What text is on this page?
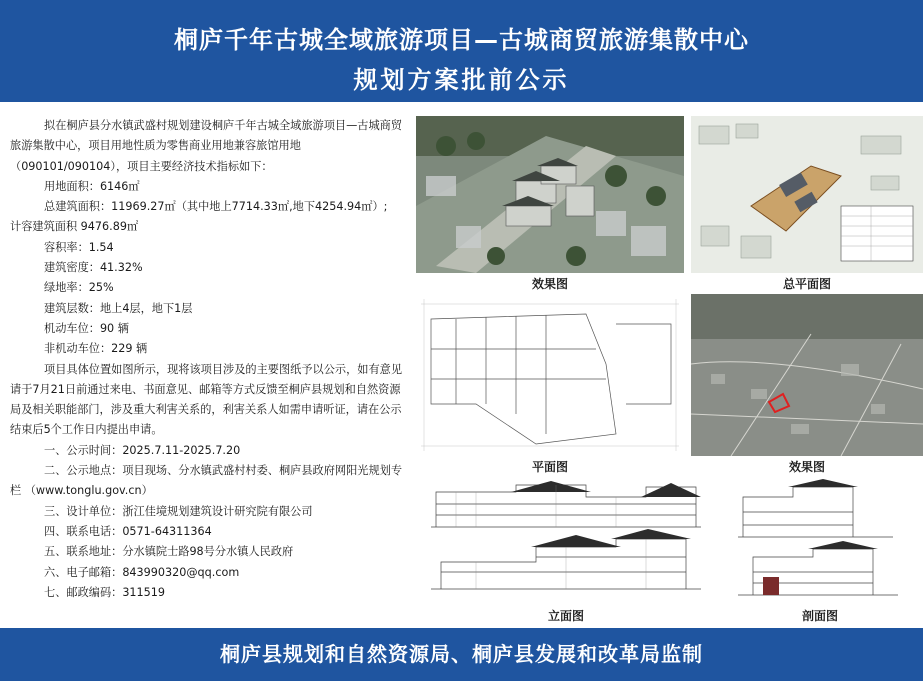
桐庐千年古城全域旅游项目—古城商贸旅游集散中心
规划方案批前公示

拟在桐庐县分水镇武盛村规划建设桐庐千年古城全域旅游项目—古城商贸旅游集散中心，项目用地性质为零售商业用地兼容旅馆用地（090101/090104），项目主要经济技术指标如下：

用地面积：6146㎡

总建筑面积：11969.27㎡（其中地上7714.33㎡,地下4254.94㎡）;

计容建筑面积 9476.89㎡

容积率：1.54

建筑密度：41.32%

绿地率：25%

建筑层数：地上4层，地下1层

机动车位：90 辆

非机动车位：229 辆

项目具体位置如图所示，现将该项目涉及的主要图纸予以公示，如有意见请于7月21日前通过来电、书面意见、邮箱等方式反馈至桐庐县规划和自然资源局及相关职能部门，涉及重大利害关系的，利害关系人如需申请听证，请在公示结束后5个工作日内提出申请。

一、公示时间：2025.7.11-2025.7.20

二、公示地点：项目现场、分水镇武盛村村委、桐庐县政府网阳光规划专栏 （www.tonglu.gov.cn）

三、设计单位：浙江佳境规划建筑设计研究院有限公司

四、联系电话：0571-64311364

五、联系地址：分水镇院士路98号分水镇人民政府

六、电子邮箱：843990320@qq.com

七、邮政编码：311519

效果图	总平面图
平面图	效果图
立面图	剖面图
桐庐县规划和自然资源局、桐庐县发展和改革局监制
